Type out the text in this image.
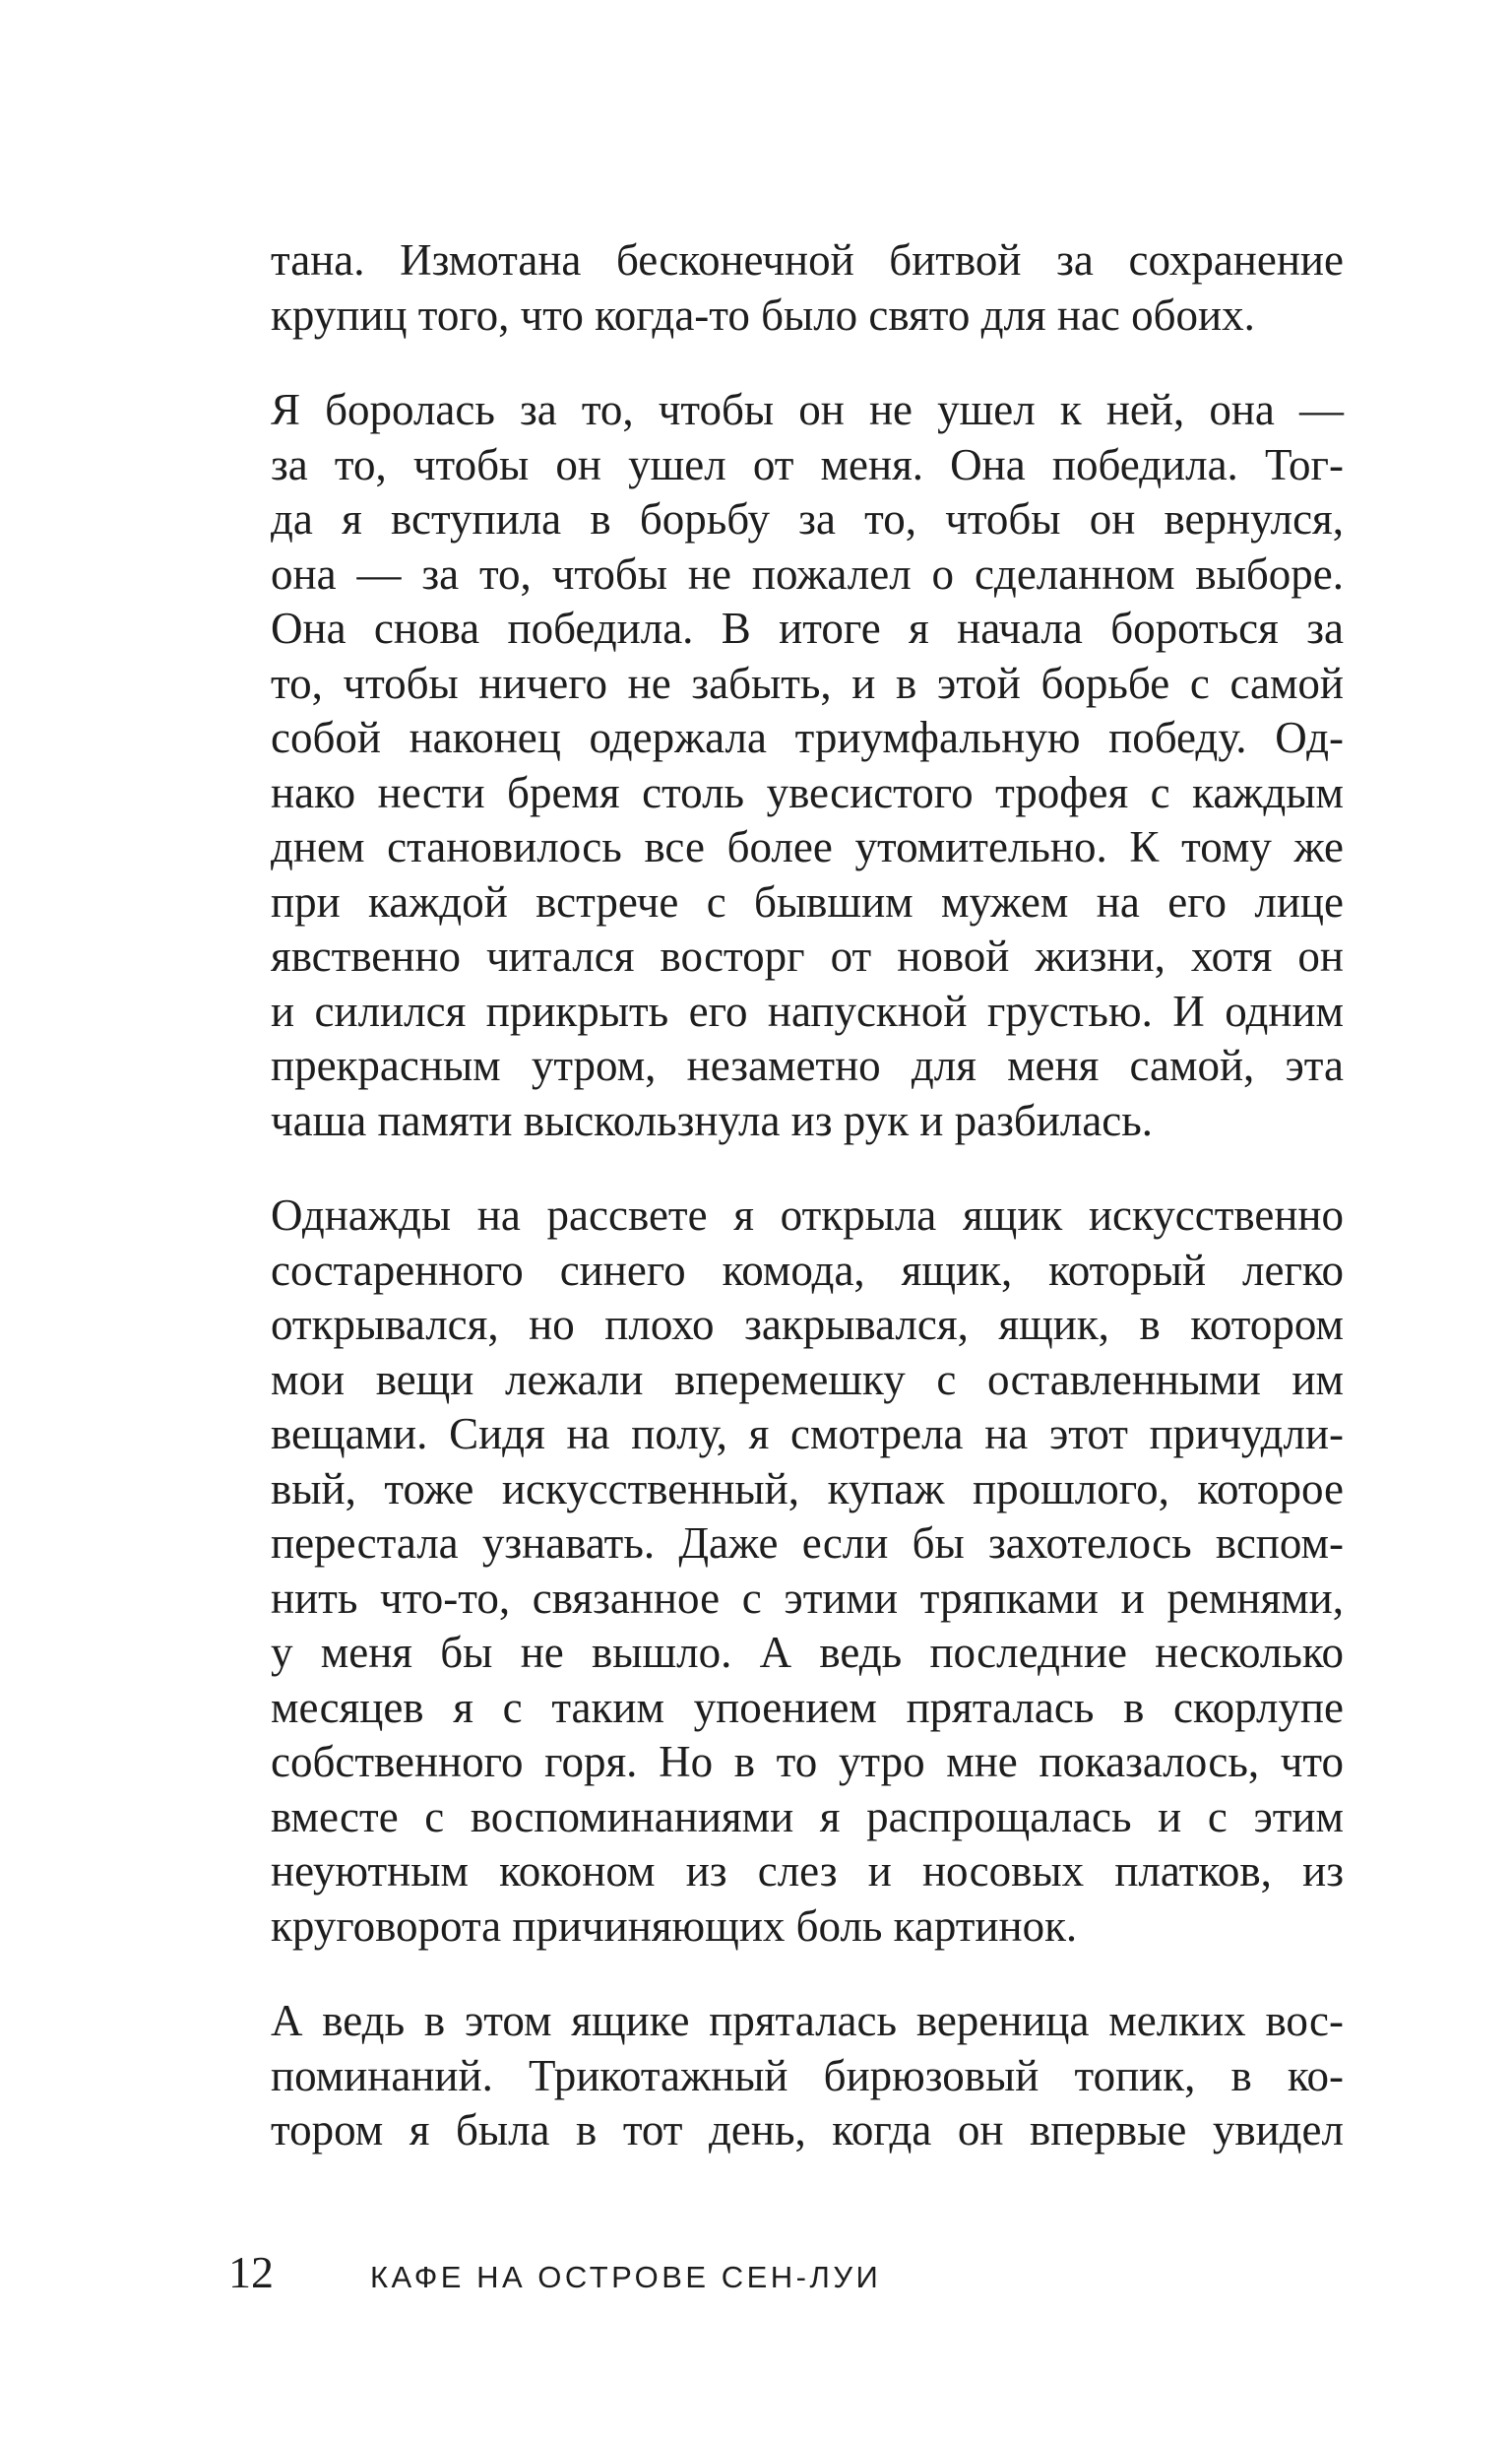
тана. Измотана бесконечной битвой за сохранение
крупиц того, что когда-то было свято для нас обоих.
Я боролась за то, чтобы он не ушел к ней, она —
за то, чтобы он ушел от меня. Она победила. Тог-
да я вступила в борьбу за то, чтобы он вернулся,
она — за то, чтобы не пожалел о сделанном выборе.
Она снова победила. В итоге я начала бороться за
то, чтобы ничего не забыть, и в этой борьбе с самой
собой наконец одержала триумфальную победу. Од-
нако нести бремя столь увесистого трофея с каждым
днем становилось все более утомительно. К тому же
при каждой встрече с бывшим мужем на его лице
явственно читался восторг от новой жизни, хотя он
и силился прикрыть его напускной грустью. И одним
прекрасным утром, незаметно для меня самой, эта
чаша памяти выскользнула из рук и разбилась.
Однажды на рассвете я открыла ящик искусственно
состаренного синего комода, ящик, который легко
открывался, но плохо закрывался, ящик, в котором
мои вещи лежали вперемешку с оставленными им
вещами. Сидя на полу, я смотрела на этот причудли-
вый, тоже искусственный, купаж прошлого, которое
перестала узнавать. Даже если бы захотелось вспом-
нить что-то, связанное с этими тряпками и ремнями,
у меня бы не вышло. А ведь последние несколько
месяцев я с таким упоением пряталась в скорлупе
собственного горя. Но в то утро мне показалось, что
вместе с воспоминаниями я распрощалась и с этим
неуютным коконом из слез и носовых платков, из
круговорота причиняющих боль картинок.
А ведь в этом ящике пряталась вереница мелких вос-
поминаний. Трикотажный бирюзовый топик, в ко-
тором я была в тот день, когда он впервые увидел
12	КАФЕ НА ОСТРОВЕ СЕН-ЛУИ
